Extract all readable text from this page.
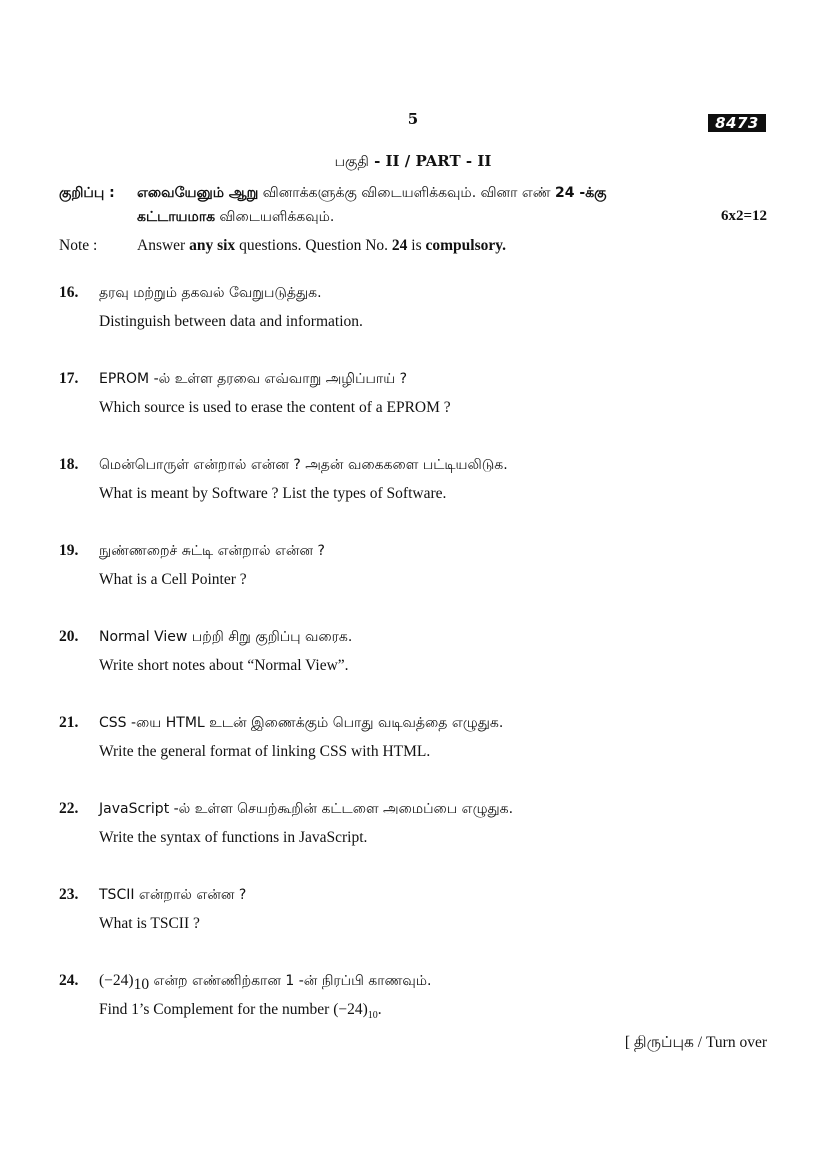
5	8473
பகுதி - II / PART - II
குறிப்பு : எவையேனும் ஆறு வினாக்களுக்கு விடையளிக்கவும். வினா எண் 24 -க்கு
கட்டாயமாக விடையளிக்கவும்.	6x2=12
Note :	Answer any six questions. Question No. 24 is compulsory.
16. தரவு மற்றும் தகவல் வேறுபடுத்துக.
Distinguish between data and information.
17. EPROM -ல் உள்ள தரவை எவ்வாறு அழிப்பாய் ?
Which source is used to erase the content of a EPROM ?
18. மென்பொருள் என்றால் என்ன ? அதன் வகைகளை பட்டியலிடுக.
What is meant by Software ? List the types of Software.
19. நுண்ணறைச் சுட்டி என்றால் என்ன ?
What is a Cell Pointer ?
20. Normal View பற்றி சிறு குறிப்பு வரைக.
Write short notes about “Normal View”.
21. CSS -யை HTML உடன் இணைக்கும் பொது வடிவத்தை எழுதுக.
Write the general format of linking CSS with HTML.
22. JavaScript -ல் உள்ள செயற்கூறின் கட்டளை அமைப்பை எழுதுக.
Write the syntax of functions in JavaScript.
23. TSCII என்றால் என்ன ?
What is TSCII ?
24. $(-24)_{10}$ என்ற எண்ணிற்கான 1 -ன் நிரப்பி காணவும்.
Find 1’s Complement for the number $(-24)_{10}$.
[ திருப்புக / Turn over
